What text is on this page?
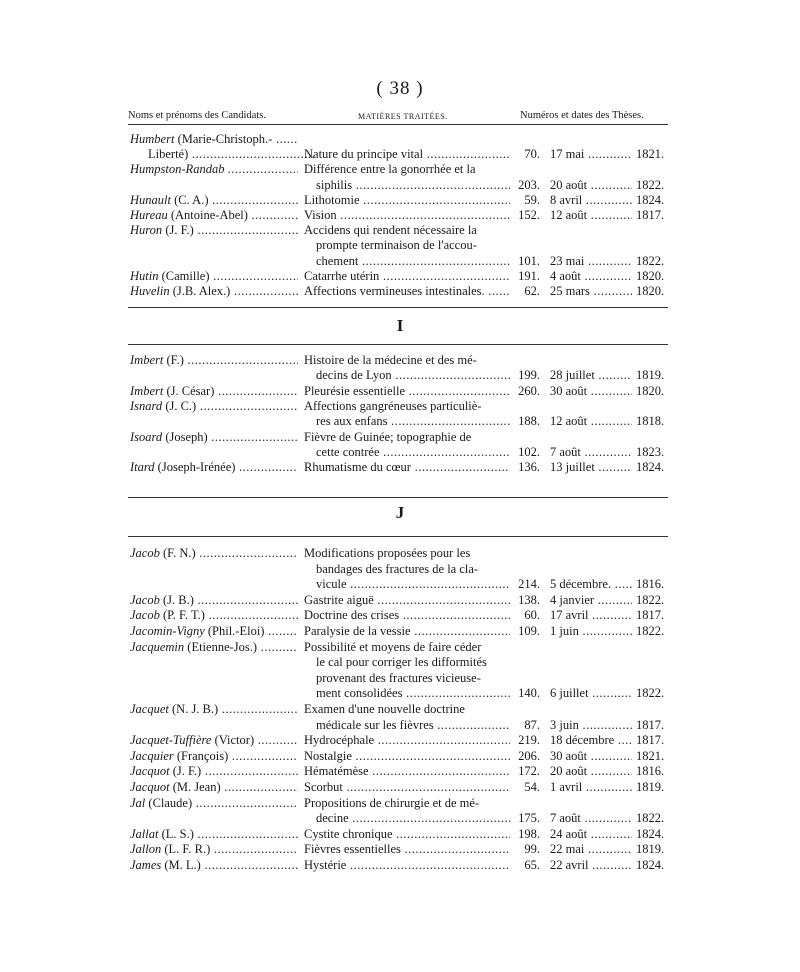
( 38 )
Noms et prénoms des Candidats.	MATIÈRES TRAITÉES.	Numéros et dates des Thèses.
Humbert (Marie-Christoph.- .....
Liberté) .....	Nature du principe vital .....	70. 17 mai .....	1821.
Humpston-Randab .....	Différence entre la gonorrhée et la
siphilis .....	203. 20 août .....	1822.
Hunault (C. A.) .....	Lithotomie .....	59. 8 avril .....	1824.
Hureau (Antoine-Abel) .....	Vision .....	152. 12 août .....	1817.
Huron (J. F.) .....	Accidens qui rendent nécessaire la
prompte terminaison de l'accou-
chement .....	101. 23 mai .....	1822.
Hutin (Camille) .....	Catarrhe utérin .....	191. 4 août .....	1820.
Huvelin (J.B. Alex.) .....	Affections vermineuses intestinales. .....	62. 25 mars .....	1820.
I
Imbert (F.) .....	Histoire de la médecine et des mé-
decins de Lyon .....	199. 28 juillet .....	1819.
Imbert (J. César) .....	Pleurésie essentielle .....	260. 30 août .....	1820.
Isnard (J. C.) .....	Affections gangréneuses particuliè-
res aux enfans .....	188. 12 août .....	1818.
Isoard (Joseph) .....	Fièvre de Guinée; topographie de
cette contrée .....	102. 7 août .....	1823.
Itard (Joseph-Irénée) .....	Rhumatisme du cœur .....	136. 13 juillet .....	1824.
J
Jacob (F. N.) .....	Modifications proposées pour les
bandages des fractures de la cla-
vicule .....	214. 5 décembre. .....	1816.
Jacob (J. B.) .....	Gastrite aiguë .....	138. 4 janvier .....	1822.
Jacob (P. F. T.) .....	Doctrine des crises .....	60. 17 avril .....	1817.
Jacomin-Vigny (Phil.-Eloi) .....	Paralysie de la vessie .....	109. 1 juin .....	1822.
Jacquemin (Etienne-Jos.) .....	Possibilité et moyens de faire céder
le cal pour corriger les difformités
provenant des fractures vicieuse-
ment consolidées .....	140. 6 juillet .....	1822.
Jacquet (N. J. B.) .....	Examen d'une nouvelle doctrine
médicale sur les fièvres .....	87. 3 juin .....	1817.
Jacquet-Tuffière (Victor) .....	Hydrocéphale .....	219. 18 décembre .....	1817.
Jacquier (François) .....	Nostalgie .....	206. 30 août .....	1821.
Jacquot (J. F.) .....	Hématémèse .....	172. 20 août .....	1816.
Jacquot (M. Jean) .....	Scorbut .....	54. 1 avril .....	1819.
Jal (Claude) .....	Propositions de chirurgie et de mé-
decine .....	175. 7 août .....	1822.
Jallat (L. S.) .....	Cystite chronique .....	198. 24 août .....	1824.
Jallon (L. F. R.) .....	Fièvres essentielles .....	99. 22 mai .....	1819.
James (M. L.) .....	Hystérie .....	65. 22 avril .....	1824.
